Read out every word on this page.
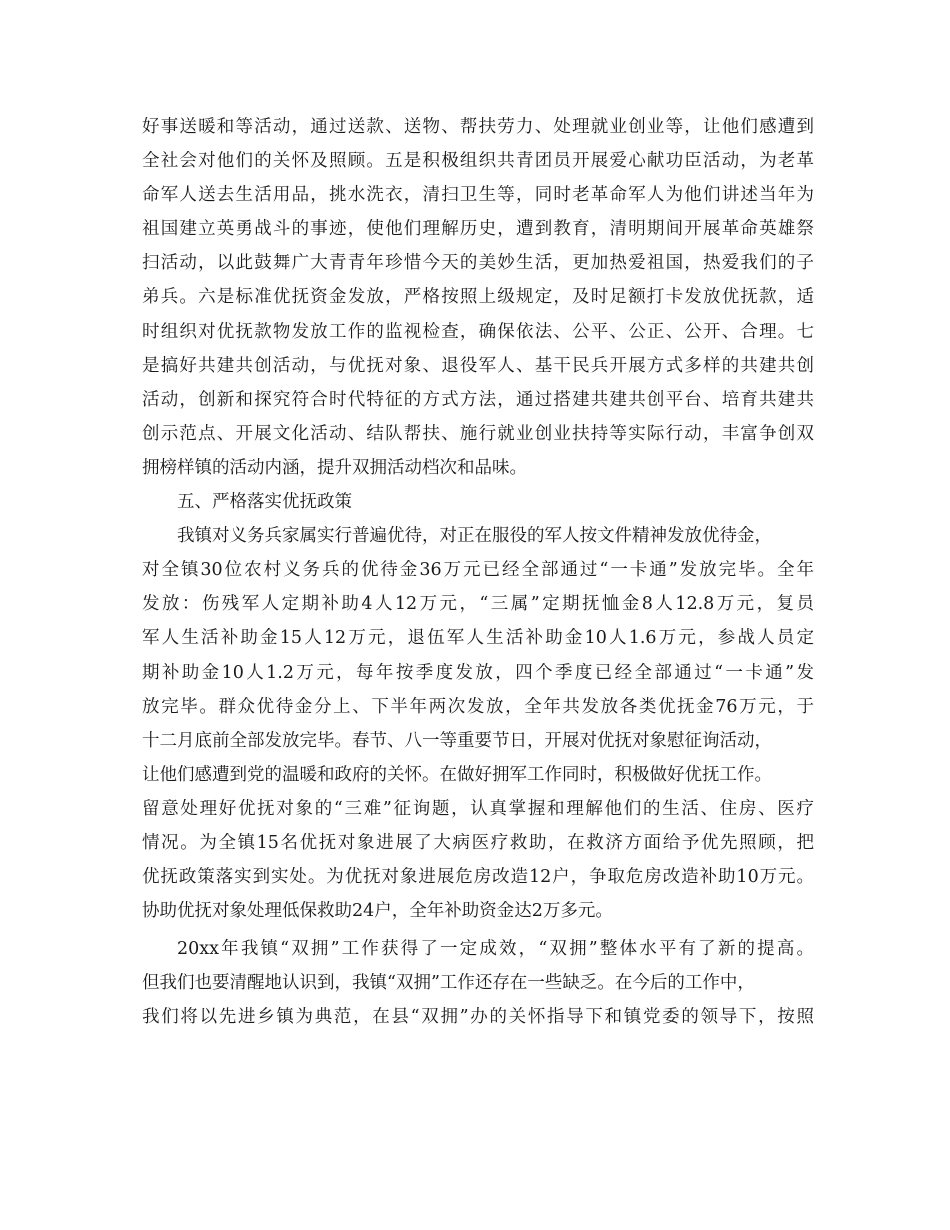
好事送暖和等活动，通过送款、送物、帮扶劳力、处理就业创业等，让他们感遭到
全社会对他们的关怀及照顾。五是积极组织共青团员开展爱心献功臣活动，为老革
命军人送去生活用品，挑水洗衣，清扫卫生等，同时老革命军人为他们讲述当年为
祖国建立英勇战斗的事迹，使他们理解历史，遭到教育，清明期间开展革命英雄祭
扫活动，以此鼓舞广大青青年珍惜今天的美妙生活，更加热爱祖国，热爱我们的子
弟兵。六是标准优抚资金发放，严格按照上级规定，及时足额打卡发放优抚款，适
时组织对优抚款物发放工作的监视检查，确保依法、公平、公正、公开、合理。七
是搞好共建共创活动，与优抚对象、退役军人、基干民兵开展方式多样的共建共创
活动，创新和探究符合时代特征的方式方法，通过搭建共建共创平台、培育共建共
创示范点、开展文化活动、结队帮扶、施行就业创业扶持等实际行动，丰富争创双
拥榜样镇的活动内涵，提升双拥活动档次和品味。
五、严格落实优抚政策
我镇对义务兵家属实行普遍优待，对正在服役的军人按文件精神发放优待金，
对全镇30位农村义务兵的优待金36万元已经全部通过“一卡通”发放完毕。全年
发放：伤残军人定期补助4人12万元，“三属”定期抚恤金8人12.8万元，复员
军人生活补助金15人12万元，退伍军人生活补助金10人1.6万元，参战人员定
期补助金10人1.2万元，每年按季度发放，四个季度已经全部通过“一卡通”发
放完毕。群众优待金分上、下半年两次发放，全年共发放各类优抚金76万元，于
十二月底前全部发放完毕。春节、八一等重要节日，开展对优抚对象慰征询活动，
让他们感遭到党的温暖和政府的关怀。在做好拥军工作同时，积极做好优抚工作。
留意处理好优抚对象的“三难”征询题，认真掌握和理解他们的生活、住房、医疗
情况。为全镇15名优抚对象进展了大病医疗救助，在救济方面给予优先照顾，把
优抚政策落实到实处。为优抚对象进展危房改造12户，争取危房改造补助10万元。
协助优抚对象处理低保救助24户，全年补助资金达2万多元。
20xx年我镇“双拥”工作获得了一定成效，“双拥”整体水平有了新的提高。
但我们也要清醒地认识到，我镇“双拥”工作还存在一些缺乏。在今后的工作中，
我们将以先进乡镇为典范，在县“双拥”办的关怀指导下和镇党委的领导下，按照
